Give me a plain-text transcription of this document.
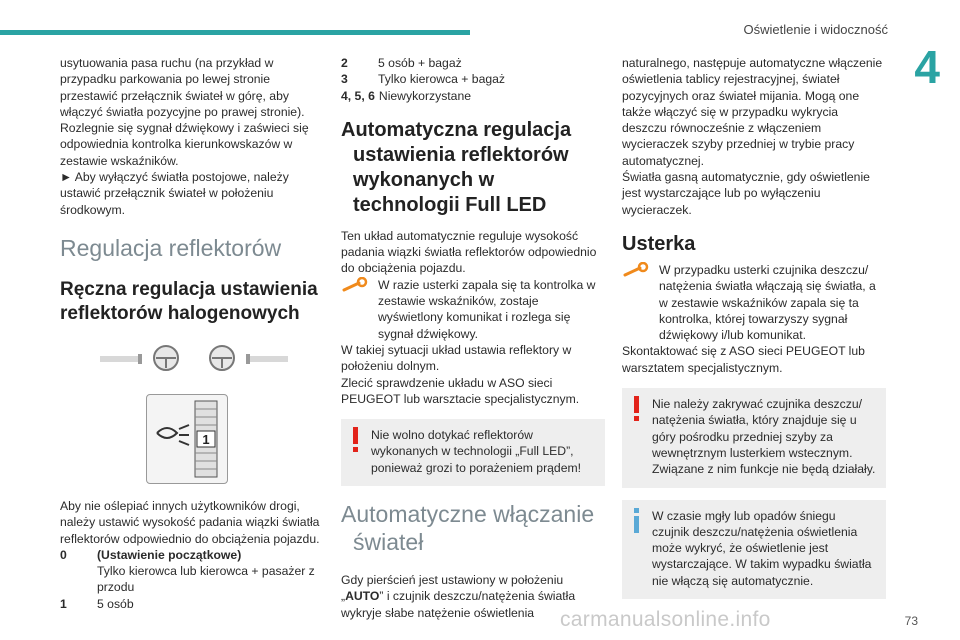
Oświetlenie i widoczność
4
73
carmanualsonline.info

usytuowania pasa ruchu (na przykład w przypadku parkowania po lewej stronie przestawić przełącznik świateł w górę, aby włączyć światła pozycyjne po prawej stronie). Rozlegnie się sygnał dźwiękowy i zaświeci się odpowiednia kontrolka kierunkowskazów w zestawie wskaźników.

► Aby wyłączyć światła postojowe, należy ustawić przełącznik świateł w położeniu środkowym.

Regulacja reflektorów
Ręczna regulacja ustawienia reflektorów halogenowych
1

Aby nie oślepiać innych użytkowników drogi, należy ustawić wysokość padania wiązki światła reflektorów odpowiednio do obciążenia pojazdu.

0	(Ustawienie początkowe)
Tylko kierowca lub kierowca + pasażer z przodu
1	5 osób
2	5 osób + bagaż
3	Tylko kierowca + bagaż
4, 5, 6 Niewykorzystane
Automatyczna regulacja ustawienia reflektorów wykonanych w technologii Full LED

Ten układ automatycznie reguluje wysokość padania wiązki światła reflektorów odpowiednio do obciążenia pojazdu.

W razie usterki zapala się ta kontrolka w zestawie wskaźników, zostaje wyświetlony komunikat i rozlega się sygnał dźwiękowy.

W takiej sytuacji układ ustawia reflektory w położeniu dolnym.

Zlecić sprawdzenie układu w ASO sieci PEUGEOT lub warsztacie specjalistycznym.

Nie wolno dotykać reflektorów wykonanych w technologii „Full LED”, ponieważ grozi to porażeniem prądem!

Automatyczne włączanie świateł

Gdy pierścień jest ustawiony w położeniu „AUTO” i czujnik deszczu/natężenia światła wykryje słabe natężenie oświetlenia

naturalnego, następuje automatyczne włączenie oświetlenia tablicy rejestracyjnej, świateł pozycyjnych oraz świateł mijania. Mogą one także włączyć się w przypadku wykrycia deszczu równocześnie z włączeniem wycieraczek szyby przedniej w trybie pracy automatycznej.

Światła gasną automatycznie, gdy oświetlenie jest wystarczające lub po wyłączeniu wycieraczek.

Usterka

W przypadku usterki czujnika deszczu/ natężenia światła włączają się światła, a w zestawie wskaźników zapala się ta kontrolka, której towarzyszy sygnał dźwiękowy i/lub komunikat.

Skontaktować się z ASO sieci PEUGEOT lub warsztatem specjalistycznym.

Nie należy zakrywać czujnika deszczu/ natężenia światła, który znajduje się u góry pośrodku przedniej szyby za wewnętrznym lusterkiem wstecznym. Związane z nim funkcje nie będą działały.

W czasie mgły lub opadów śniegu czujnik deszczu/natężenia oświetlenia może wykryć, że oświetlenie jest wystarczające. W takim wypadku światła nie włączą się automatycznie.
